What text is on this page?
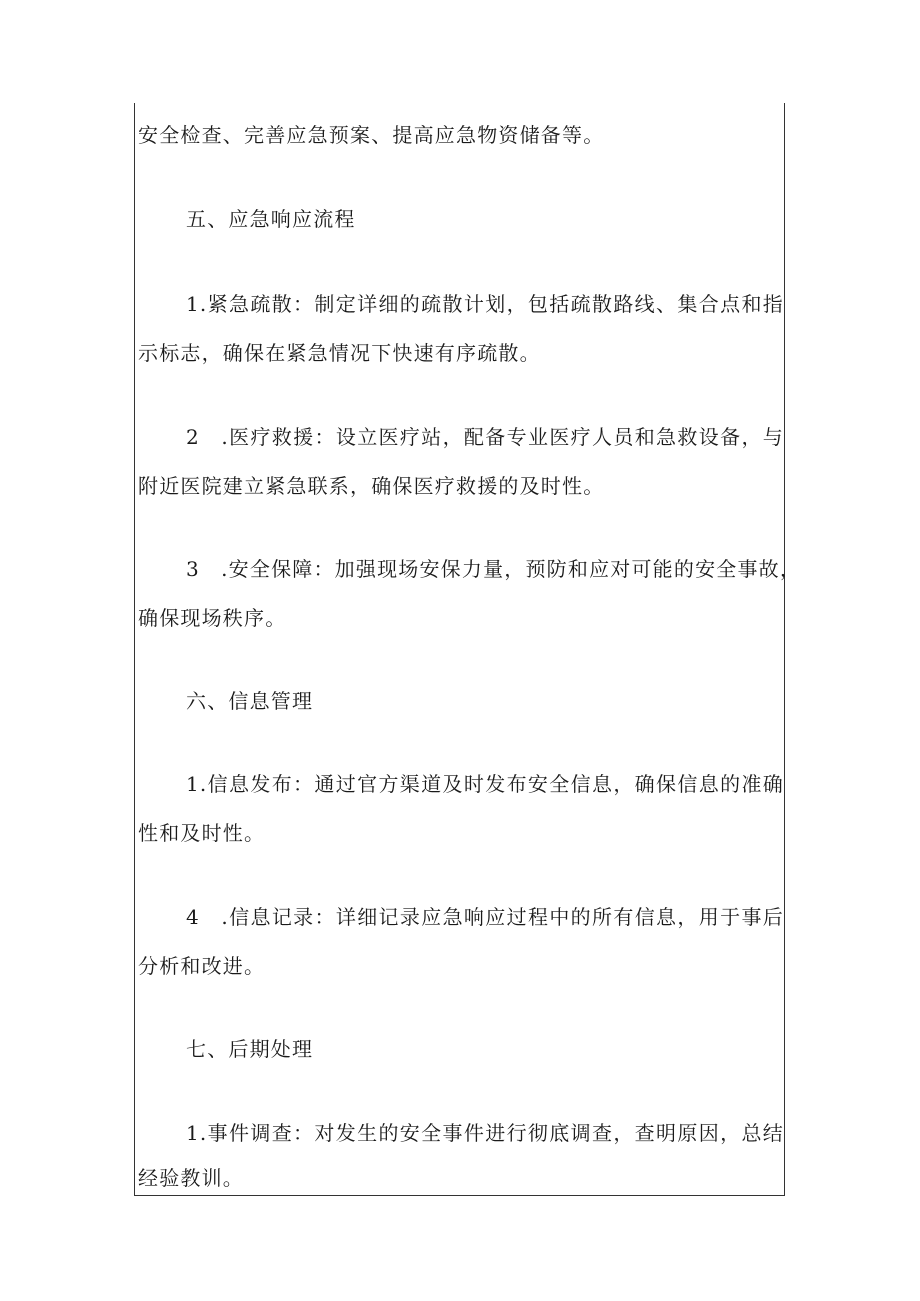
安全检查、完善应急预案、提高应急物资储备等。
五、应急响应流程
1.紧急疏散：制定详细的疏散计划，包括疏散路线、集合点和指
示标志，确保在紧急情况下快速有序疏散。
2　.医疗救援：设立医疗站，配备专业医疗人员和急救设备，与
附近医院建立紧急联系，确保医疗救援的及时性。
3　.安全保障：加强现场安保力量，预防和应对可能的安全事故，
确保现场秩序。
六、信息管理
1.信息发布：通过官方渠道及时发布安全信息，确保信息的准确
性和及时性。
4　.信息记录：详细记录应急响应过程中的所有信息，用于事后
分析和改进。
七、后期处理
1.事件调查：对发生的安全事件进行彻底调查，查明原因，总结
经验教训。
